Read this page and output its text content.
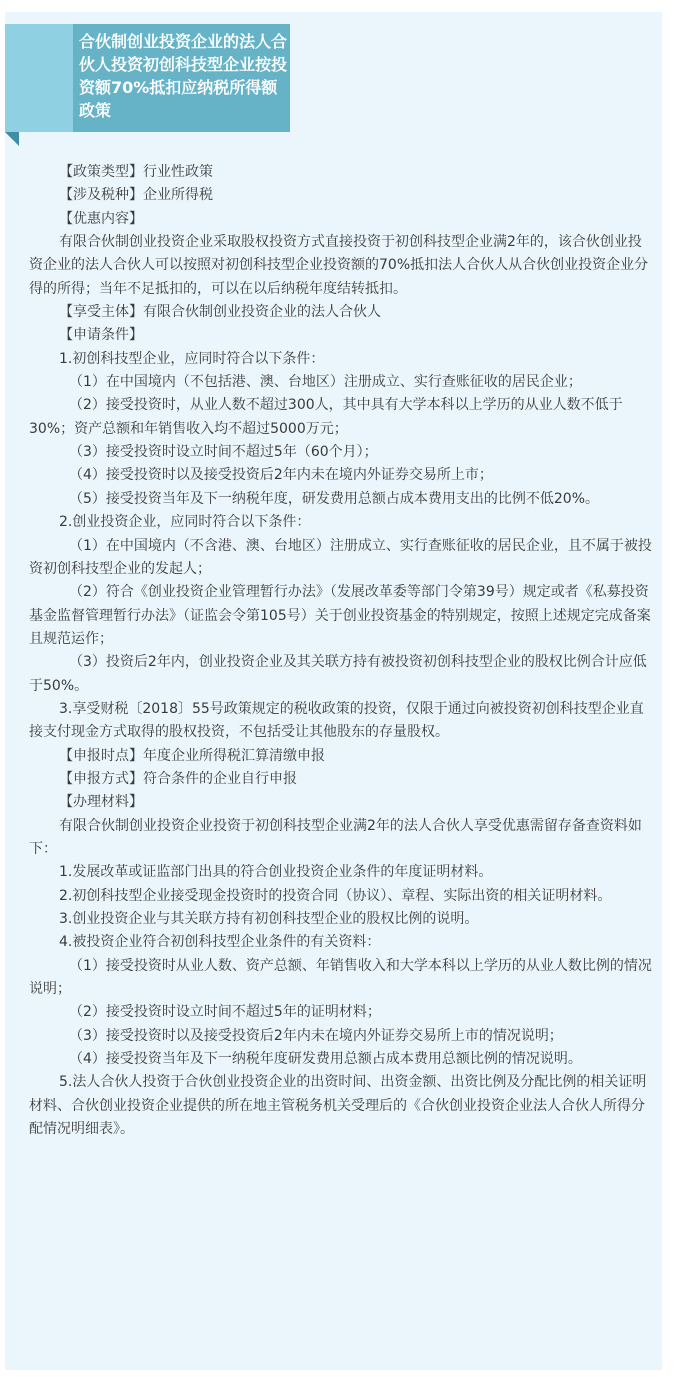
合伙制创业投资企业的法人合伙人投资初创科技型企业按投资额70%抵扣应纳税所得额政策

【政策类型】行业性政策

【涉及税种】企业所得税

【优惠内容】

有限合伙制创业投资企业采取股权投资方式直接投资于初创科技型企业满2年的，该合伙创业投资企业的法人合伙人可以按照对初创科技型企业投资额的70%抵扣法人合伙人从合伙创业投资企业分得的所得；当年不足抵扣的，可以在以后纳税年度结转抵扣。

【享受主体】有限合伙制创业投资企业的法人合伙人

【申请条件】

1.初创科技型企业，应同时符合以下条件：

（1）在中国境内（不包括港、澳、台地区）注册成立、实行查账征收的居民企业；

（2）接受投资时，从业人数不超过300人，其中具有大学本科以上学历的从业人数不低于30%；资产总额和年销售收入均不超过5000万元；

（3）接受投资时设立时间不超过5年（60个月）；

（4）接受投资时以及接受投资后2年内未在境内外证券交易所上市；

（5）接受投资当年及下一纳税年度，研发费用总额占成本费用支出的比例不低20%。

2.创业投资企业，应同时符合以下条件：

（1）在中国境内（不含港、澳、台地区）注册成立、实行查账征收的居民企业，且不属于被投资初创科技型企业的发起人；

（2）符合《创业投资企业管理暂行办法》（发展改革委等部门令第39号）规定或者《私募投资基金监督管理暂行办法》（证监会令第105号）关于创业投资基金的特别规定，按照上述规定完成备案且规范运作；

（3）投资后2年内，创业投资企业及其关联方持有被投资初创科技型企业的股权比例合计应低于50%。

3.享受财税〔2018〕55号政策规定的税收政策的投资，仅限于通过向被投资初创科技型企业直接支付现金方式取得的股权投资，不包括受让其他股东的存量股权。

【申报时点】年度企业所得税汇算清缴申报

【申报方式】符合条件的企业自行申报

【办理材料】

有限合伙制创业投资企业投资于初创科技型企业满2年的法人合伙人享受优惠需留存备查资料如下：

1.发展改革或证监部门出具的符合创业投资企业条件的年度证明材料。

2.初创科技型企业接受现金投资时的投资合同（协议）、章程、实际出资的相关证明材料。

3.创业投资企业与其关联方持有初创科技型企业的股权比例的说明。

4.被投资企业符合初创科技型企业条件的有关资料：

（1）接受投资时从业人数、资产总额、年销售收入和大学本科以上学历的从业人数比例的情况说明；

（2）接受投资时设立时间不超过5年的证明材料；

（3）接受投资时以及接受投资后2年内未在境内外证券交易所上市的情况说明；

（4）接受投资当年及下一纳税年度研发费用总额占成本费用总额比例的情况说明。

5.法人合伙人投资于合伙创业投资企业的出资时间、出资金额、出资比例及分配比例的相关证明材料、合伙创业投资企业提供的所在地主管税务机关受理后的《合伙创业投资企业法人合伙人所得分配情况明细表》。
